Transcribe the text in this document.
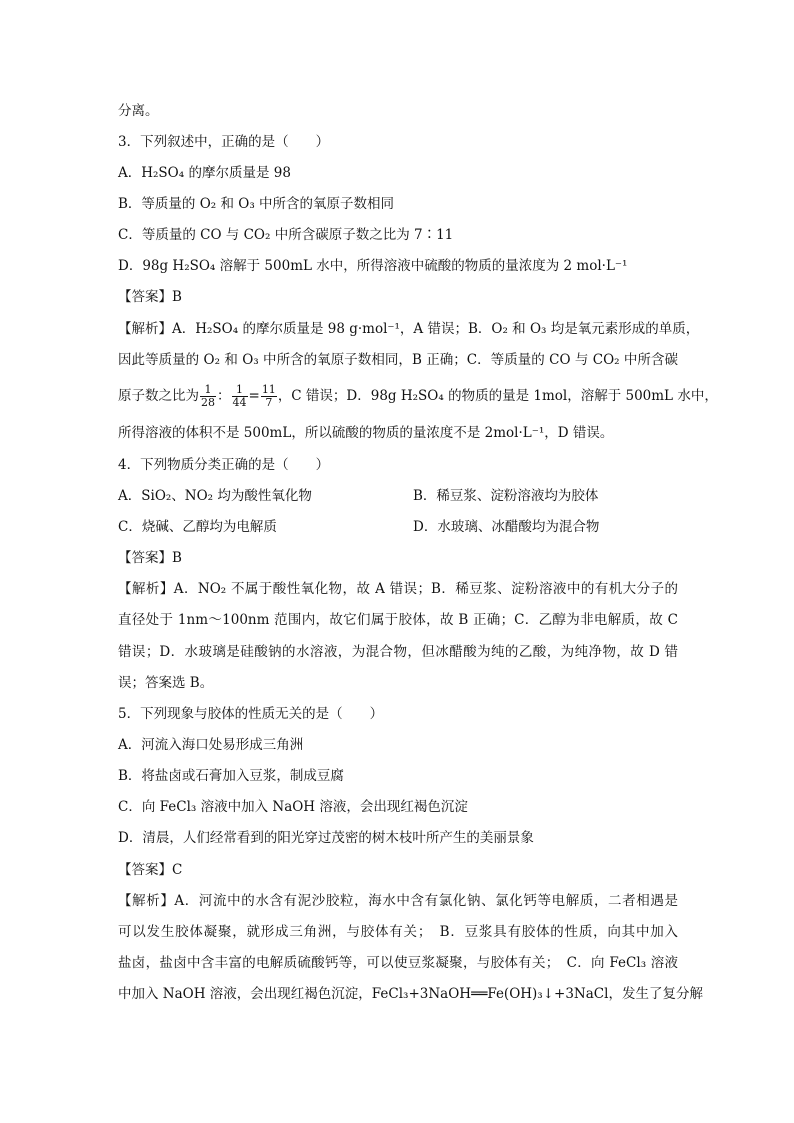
分离。
3．下列叙述中，正确的是（　　）
A．H₂SO₄ 的摩尔质量是 98
B．等质量的 O₂ 和 O₃ 中所含的氧原子数相同
C．等质量的 CO 与 CO₂ 中所含碳原子数之比为 7∶11
D．98g H₂SO₄ 溶解于 500mL 水中，所得溶液中硫酸的物质的量浓度为 2 mol·L⁻¹
【答案】B
【解析】A．H₂SO₄ 的摩尔质量是 98 g·mol⁻¹，A 错误；B．O₂ 和 O₃ 均是氧元素形成的单质，
因此等质量的 O₂ 和 O₃ 中所含的氧原子数相同，B 正确；C．等质量的 CO 与 CO₂ 中所含碳
原子数之比为 $\frac{1}{28}$ ： $\frac{1}{44} = \frac{11}{7}$ ，C 错误；D．98g H₂SO₄ 的物质的量是 1mol，溶解于 500mL 水中，
所得溶液的体积不是 500mL，所以硫酸的物质的量浓度不是 2mol·L⁻¹，D 错误。
4．下列物质分类正确的是（　　）
A．SiO₂、NO₂ 均为酸性氧化物	B．稀豆浆、淀粉溶液均为胶体
C．烧碱、乙醇均为电解质	D．水玻璃、冰醋酸均为混合物
【答案】B
【解析】A．NO₂ 不属于酸性氧化物，故 A 错误；B．稀豆浆、淀粉溶液中的有机大分子的
直径处于 1nm～100nm 范围内，故它们属于胶体，故 B 正确；C．乙醇为非电解质，故 C
错误；D．水玻璃是硅酸钠的水溶液，为混合物，但冰醋酸为纯的乙酸，为纯净物，故 D 错
误；答案选 B。
5．下列现象与胶体的性质无关的是（　　）
A．河流入海口处易形成三角洲
B．将盐卤或石膏加入豆浆，制成豆腐
C．向 FeCl₃ 溶液中加入 NaOH 溶液，会出现红褐色沉淀
D．清晨，人们经常看到的阳光穿过茂密的树木枝叶所产生的美丽景象
【答案】C
【解析】A．河流中的水含有泥沙胶粒，海水中含有氯化钠、氯化钙等电解质，二者相遇是
可以发生胶体凝聚，就形成三角洲，与胶体有关；　B．豆浆具有胶体的性质，向其中加入
盐卤，盐卤中含丰富的电解质硫酸钙等，可以使豆浆凝聚，与胶体有关；　C．向 FeCl₃ 溶液
中加入 NaOH 溶液，会出现红褐色沉淀，FeCl₃+3NaOH══Fe(OH)₃↓+3NaCl，发生了复分解
